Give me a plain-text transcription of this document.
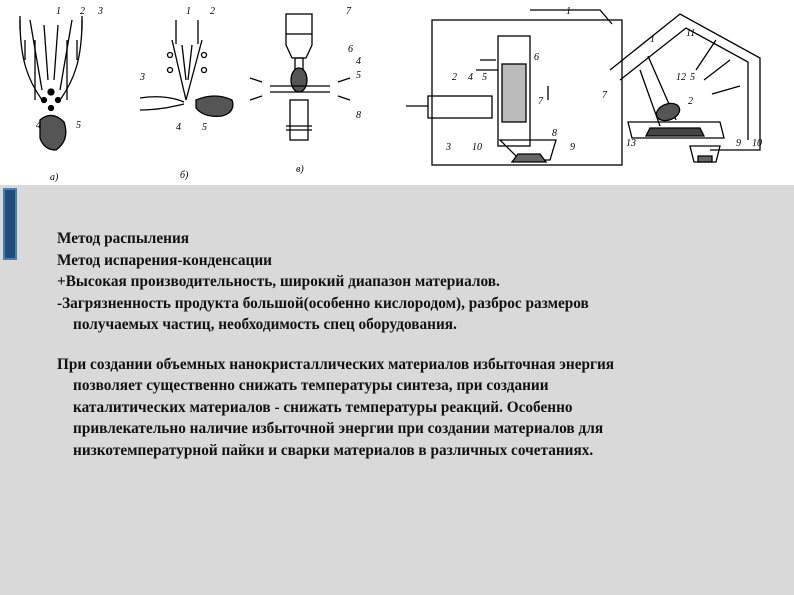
1 2 3
4	5
а)
1 2
3
4 5
б)
7
6
4
5
8
в)
1
2 4 5
6
7
3 10
8
9
1
11
12 5
7
2
13	9 10
Метод распыления
Метод испарения-конденсации
+Высокая производительность, широкий диапазон материалов.
-Загрязненность продукта большой(особенно кислородом), разброс размеров
получаемых частиц, необходимость спец оборудования.
При создании объемных нанокристаллических материалов избыточная энергия
позволяет существенно снижать температуры синтеза, при создании
каталитических материалов - снижать температуры реакций. Особенно
привлекательно наличие избыточной энергии при создании материалов для
низкотемпературной пайки и сварки материалов в различных сочетаниях.
